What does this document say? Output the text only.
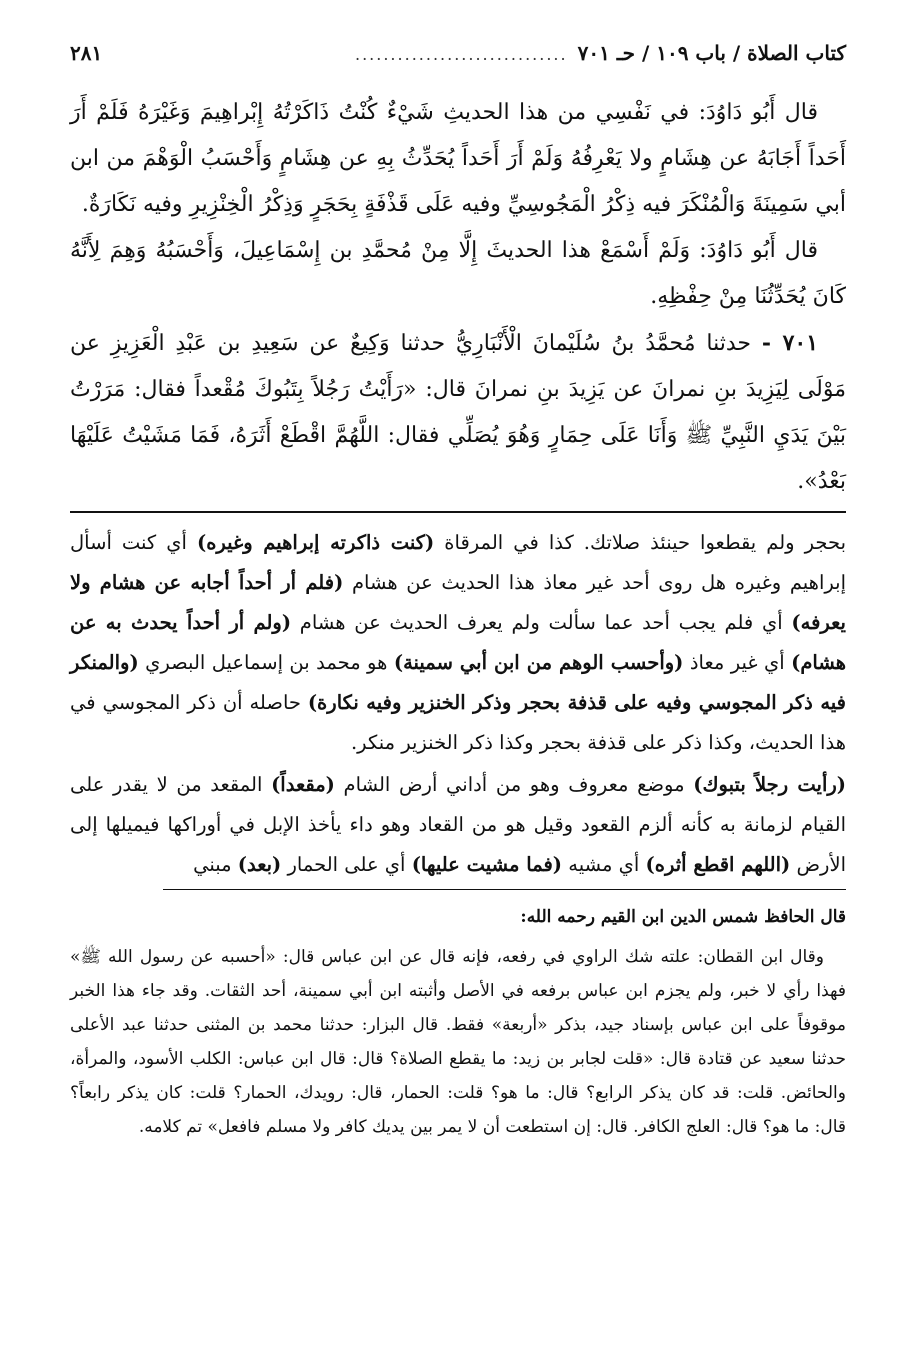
كتاب الصلاة / باب ١٠٩ / حـ ٧٠١
..............................
٢٨١

قال أَبُو دَاوُدَ: في نَفْسِي من هذا الحديثِ شَيْءٌ كُنْتُ ذَاكَرْتُهُ إِبْراهِيمَ وَغَيْرَهُ فَلَمْ أَرَ أَحَداً أَجَابَهُ عن هِشَامٍ ولا يَعْرِفُهُ وَلَمْ أَرَ أَحَداً يُحَدِّثُ بِهِ عن هِشَامٍ وَأَحْسَبُ الْوَهْمَ من ابن أبي سَمِينَةَ وَالْمُنْكَرَ فيه ذِكْرُ الْمَجُوسِيِّ وفيه عَلَى قَذْفَةٍ بِحَجَرٍ وَذِكْرُ الْخِنْزِيرِ وفيه نَكَارَةٌ.

قال أَبُو دَاوُدَ: وَلَمْ أَسْمَعْ هذا الحديثَ إِلَّا مِنْ مُحمَّدِ بن إِسْمَاعِيلَ، وَأَحْسَبُهُ وَهِمَ لِأَنَّهُ كَانَ يُحَدِّثُنَا مِنْ حِفْظِهِ.

٧٠١ - حدثنا مُحمَّدُ بنُ سُلَيْمانَ الْأَنْبَارِيُّ حدثنا وَكِيعٌ عن سَعِيدِ بن عَبْدِ الْعَزِيزِ عن مَوْلَى لِيَزِيدَ بنِ نمرانَ عن يَزِيدَ بنِ نمرانَ قال: «رَأَيْتُ رَجُلاً بِتَبُوكَ مُقْعداً فقال: مَرَرْتُ بَيْنَ يَدَيِ النَّبِيِّ ﷺ وَأَنَا عَلَى حِمَارٍ وَهُوَ يُصَلِّي فقال: اللَّهُمَّ اقْطَعْ أَثَرَهُ، فَمَا مَشَيْتُ عَلَيْهَا بَعْدُ».

بحجر ولم يقطعوا حينئذ صلاتك. كذا في المرقاة (كنت ذاكرته إبراهيم وغيره) أي كنت أسأل إبراهيم وغيره هل روى أحد غير معاذ هذا الحديث عن هشام (فلم أر أحداً أجابه عن هشام ولا يعرفه) أي فلم يجب أحد عما سألت ولم يعرف الحديث عن هشام (ولم أر أحداً يحدث به عن هشام) أي غير معاذ (وأحسب الوهم من ابن أبي سمينة) هو محمد بن إسماعيل البصري (والمنكر فيه ذكر المجوسي وفيه على قذفة بحجر وذكر الخنزير وفيه نكارة) حاصله أن ذكر المجوسي في هذا الحديث، وكذا ذكر على قذفة بحجر وكذا ذكر الخنزير منكر.

(رأيت رجلاً بتبوك) موضع معروف وهو من أداني أرض الشام (مقعداً) المقعد من لا يقدر على القيام لزمانة به كأنه ألزم القعود وقيل هو من القعاد وهو داء يأخذ الإبل في أوراكها فيميلها إلى الأرض (اللهم اقطع أثره) أي مشيه (فما مشيت عليها) أي على الحمار (بعد) مبني

قال الحافظ شمس الدين ابن القيم رحمه الله:

وقال ابن القطان: علته شك الراوي في رفعه، فإنه قال عن ابن عباس قال: «أحسبه عن رسول الله ﷺ» فهذا رأي لا خبر، ولم يجزم ابن عباس برفعه في الأصل وأثبته ابن أبي سمينة، أحد الثقات. وقد جاء هذا الخبر موقوفاً على ابن عباس بإسناد جيد، بذكر «أربعة» فقط. قال البزار: حدثنا محمد بن المثنى حدثنا عبد الأعلى حدثنا سعيد عن قتادة قال: «قلت لجابر بن زيد: ما يقطع الصلاة؟ قال: قال ابن عباس: الكلب الأسود، والمرأة، والحائض. قلت: قد كان يذكر الرابع؟ قال: ما هو؟ قلت: الحمار، قال: رويدك، الحمار؟ قلت: كان يذكر رابعاً؟ قال: ما هو؟ قال: العلج الكافر. قال: إن استطعت أن لا يمر بين يديك كافر ولا مسلم فافعل» تم كلامه.
